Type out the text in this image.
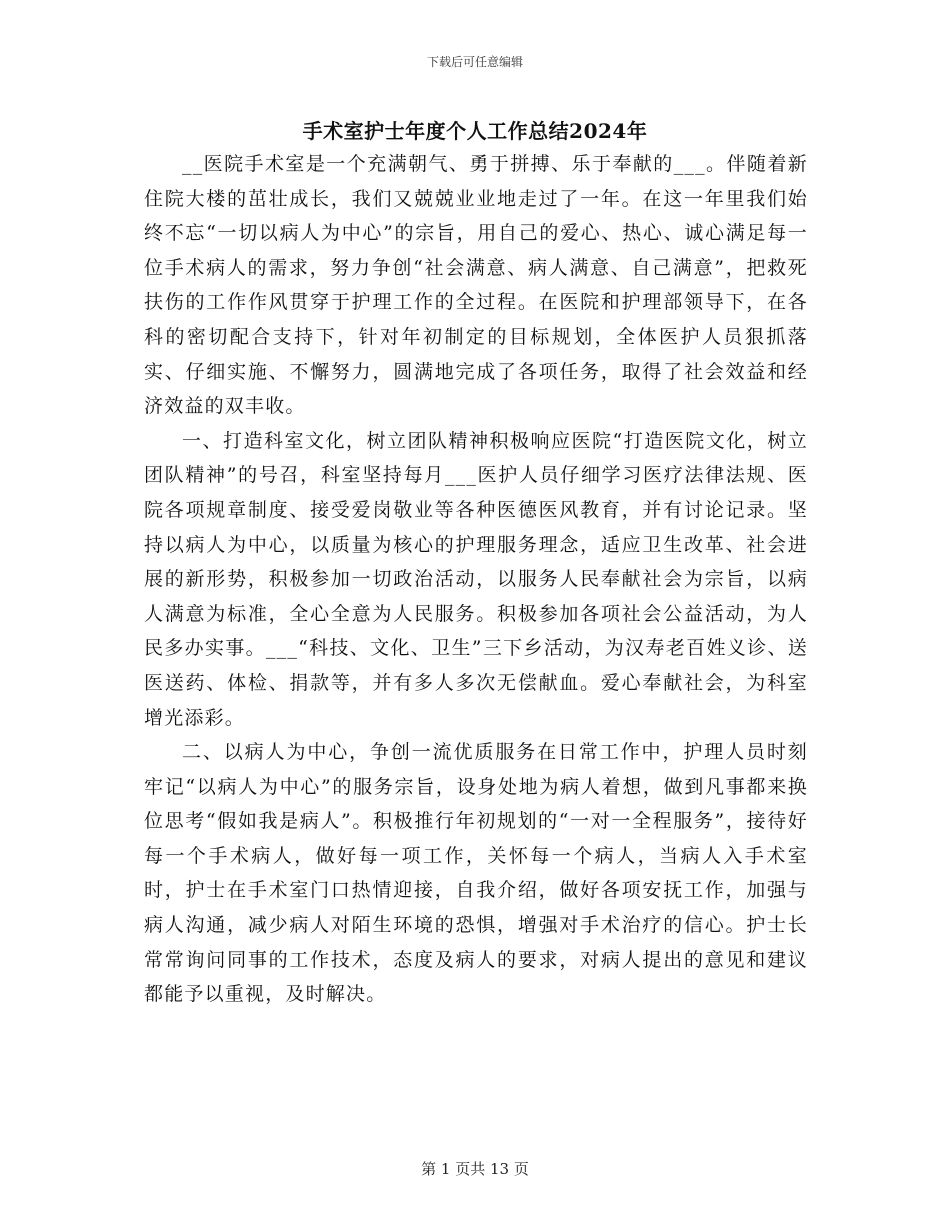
下载后可任意编辑
手术室护士年度个人工作总结2024年

__医院手术室是一个充满朝气、勇于拼搏、乐于奉献的___。伴随着新住院大楼的茁壮成长，我们又兢兢业业地走过了一年。在这一年里我们始终不忘“一切以病人为中心”的宗旨，用自己的爱心、热心、诚心满足每一位手术病人的需求，努力争创“社会满意、病人满意、自己满意”，把救死扶伤的工作作风贯穿于护理工作的全过程。在医院和护理部领导下，在各科的密切配合支持下，针对年初制定的目标规划，全体医护人员狠抓落实、仔细实施、不懈努力，圆满地完成了各项任务，取得了社会效益和经济效益的双丰收。

一、打造科室文化，树立团队精神积极响应医院“打造医院文化，树立团队精神”的号召，科室坚持每月___医护人员仔细学习医疗法律法规、医院各项规章制度、接受爱岗敬业等各种医德医风教育，并有讨论记录。坚持以病人为中心，以质量为核心的护理服务理念，适应卫生改革、社会进展的新形势，积极参加一切政治活动，以服务人民奉献社会为宗旨，以病人满意为标准，全心全意为人民服务。积极参加各项社会公益活动，为人民多办实事。___“科技、文化、卫生”三下乡活动，为汉寿老百姓义诊、送医送药、体检、捐款等，并有多人多次无偿献血。爱心奉献社会，为科室增光添彩。

二、以病人为中心，争创一流优质服务在日常工作中，护理人员时刻牢记“以病人为中心”的服务宗旨，设身处地为病人着想，做到凡事都来换位思考“假如我是病人”。积极推行年初规划的“一对一全程服务”，接待好每一个手术病人，做好每一项工作，关怀每一个病人，当病人入手术室时，护士在手术室门口热情迎接，自我介绍，做好各项安抚工作，加强与病人沟通，减少病人对陌生环境的恐惧，增强对手术治疗的信心。护士长常常询问同事的工作技术，态度及病人的要求，对病人提出的意见和建议都能予以重视，及时解决。

第 1 页共 13 页
